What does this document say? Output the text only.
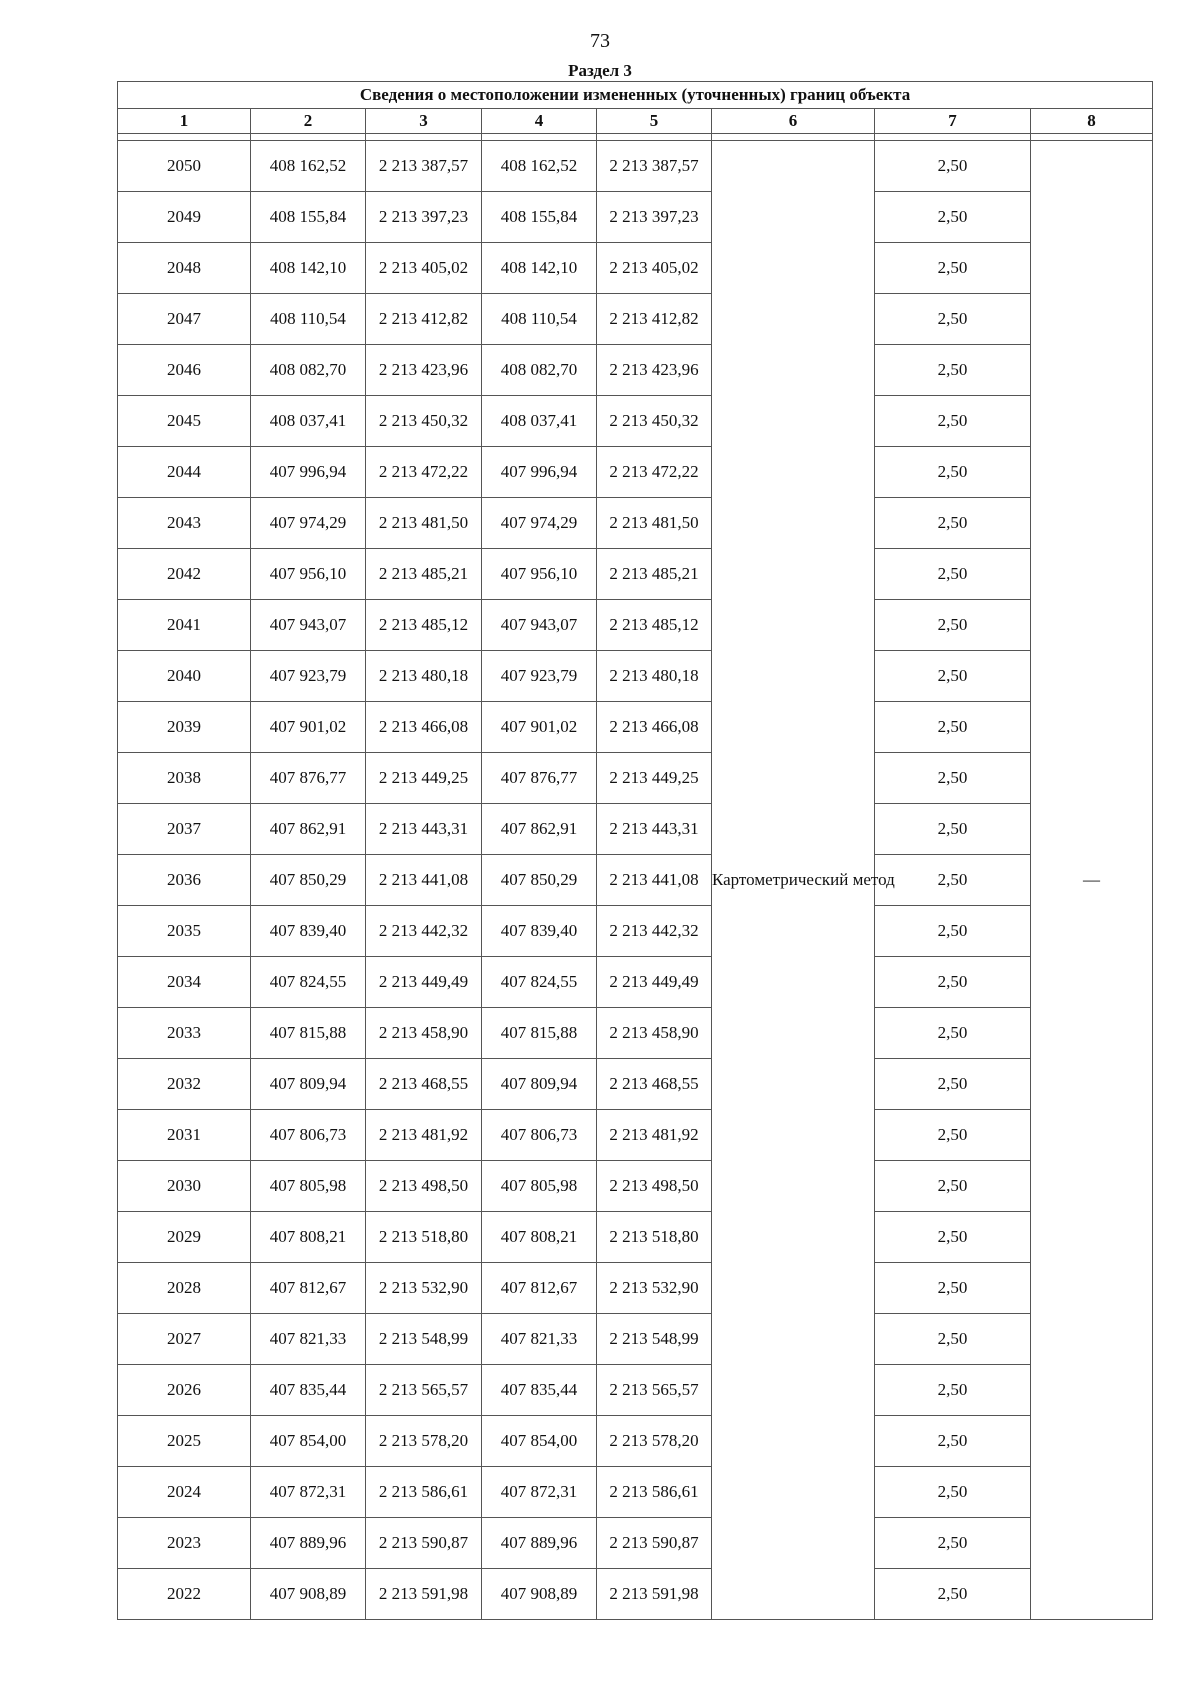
73
Раздел 3
Сведения о местоположении измененных (уточненных) границ объекта							
1	2	3	4	5	6	7	8

2050	408 162,52	2 213 387,57	408 162,52	2 213 387,57	Картометрический метод	2,50	—
2049	408 155,84	2 213 397,23	408 155,84	2 213 397,23		2,50	
2048	408 142,10	2 213 405,02	408 142,10	2 213 405,02		2,50	
2047	408 110,54	2 213 412,82	408 110,54	2 213 412,82		2,50	
2046	408 082,70	2 213 423,96	408 082,70	2 213 423,96		2,50	
2045	408 037,41	2 213 450,32	408 037,41	2 213 450,32		2,50	
2044	407 996,94	2 213 472,22	407 996,94	2 213 472,22		2,50	
2043	407 974,29	2 213 481,50	407 974,29	2 213 481,50		2,50	
2042	407 956,10	2 213 485,21	407 956,10	2 213 485,21		2,50	
2041	407 943,07	2 213 485,12	407 943,07	2 213 485,12		2,50	
2040	407 923,79	2 213 480,18	407 923,79	2 213 480,18		2,50	
2039	407 901,02	2 213 466,08	407 901,02	2 213 466,08		2,50	
2038	407 876,77	2 213 449,25	407 876,77	2 213 449,25		2,50	
2037	407 862,91	2 213 443,31	407 862,91	2 213 443,31		2,50	
2036	407 850,29	2 213 441,08	407 850,29	2 213 441,08		2,50	
2035	407 839,40	2 213 442,32	407 839,40	2 213 442,32		2,50	
2034	407 824,55	2 213 449,49	407 824,55	2 213 449,49		2,50	
2033	407 815,88	2 213 458,90	407 815,88	2 213 458,90		2,50	
2032	407 809,94	2 213 468,55	407 809,94	2 213 468,55		2,50	
2031	407 806,73	2 213 481,92	407 806,73	2 213 481,92		2,50	
2030	407 805,98	2 213 498,50	407 805,98	2 213 498,50		2,50	
2029	407 808,21	2 213 518,80	407 808,21	2 213 518,80		2,50	
2028	407 812,67	2 213 532,90	407 812,67	2 213 532,90		2,50	
2027	407 821,33	2 213 548,99	407 821,33	2 213 548,99		2,50	
2026	407 835,44	2 213 565,57	407 835,44	2 213 565,57		2,50	
2025	407 854,00	2 213 578,20	407 854,00	2 213 578,20		2,50	
2024	407 872,31	2 213 586,61	407 872,31	2 213 586,61		2,50	
2023	407 889,96	2 213 590,87	407 889,96	2 213 590,87		2,50	
2022	407 908,89	2 213 591,98	407 908,89	2 213 591,98		2,50	
